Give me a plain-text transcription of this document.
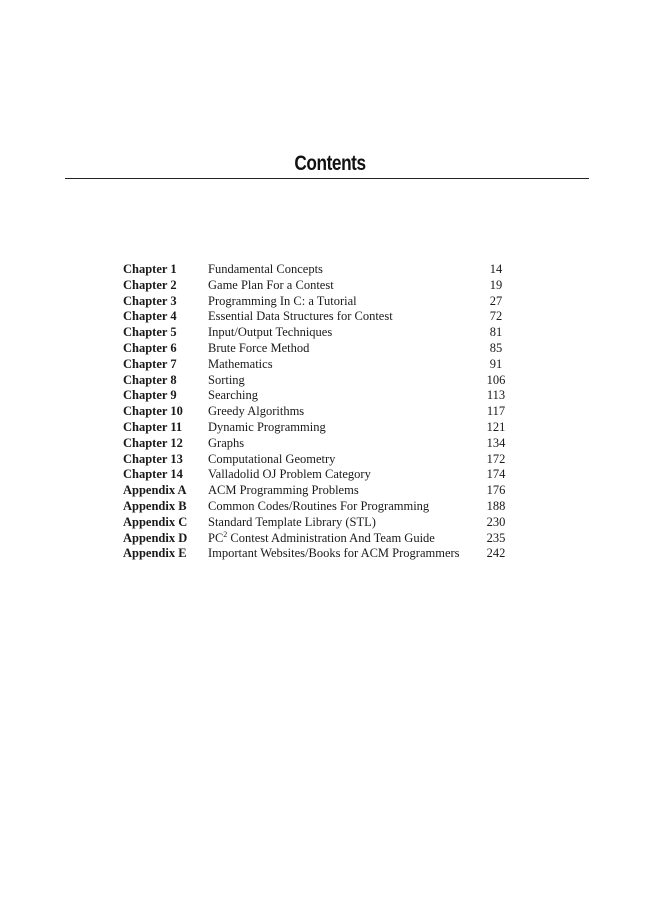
Contents
Chapter 1	Fundamental Concepts	14
Chapter 2	Game Plan For a Contest	19
Chapter 3	Programming In C: a Tutorial	27
Chapter 4	Essential Data Structures for Contest	72
Chapter 5	Input/Output Techniques	81
Chapter 6	Brute Force Method	85
Chapter 7	Mathematics	91
Chapter 8	Sorting	106
Chapter 9	Searching	113
Chapter 10	Greedy Algorithms	117
Chapter 11	Dynamic Programming	121
Chapter 12	Graphs	134
Chapter 13	Computational Geometry	172
Chapter 14	Valladolid OJ Problem Category	174
Appendix A	ACM Programming Problems	176
Appendix B	Common Codes/Routines For Programming	188
Appendix C	Standard Template Library (STL)	230
Appendix D	$PC^2$ Contest Administration And Team Guide	235
Appendix E	Important Websites/Books for ACM Programmers	242
